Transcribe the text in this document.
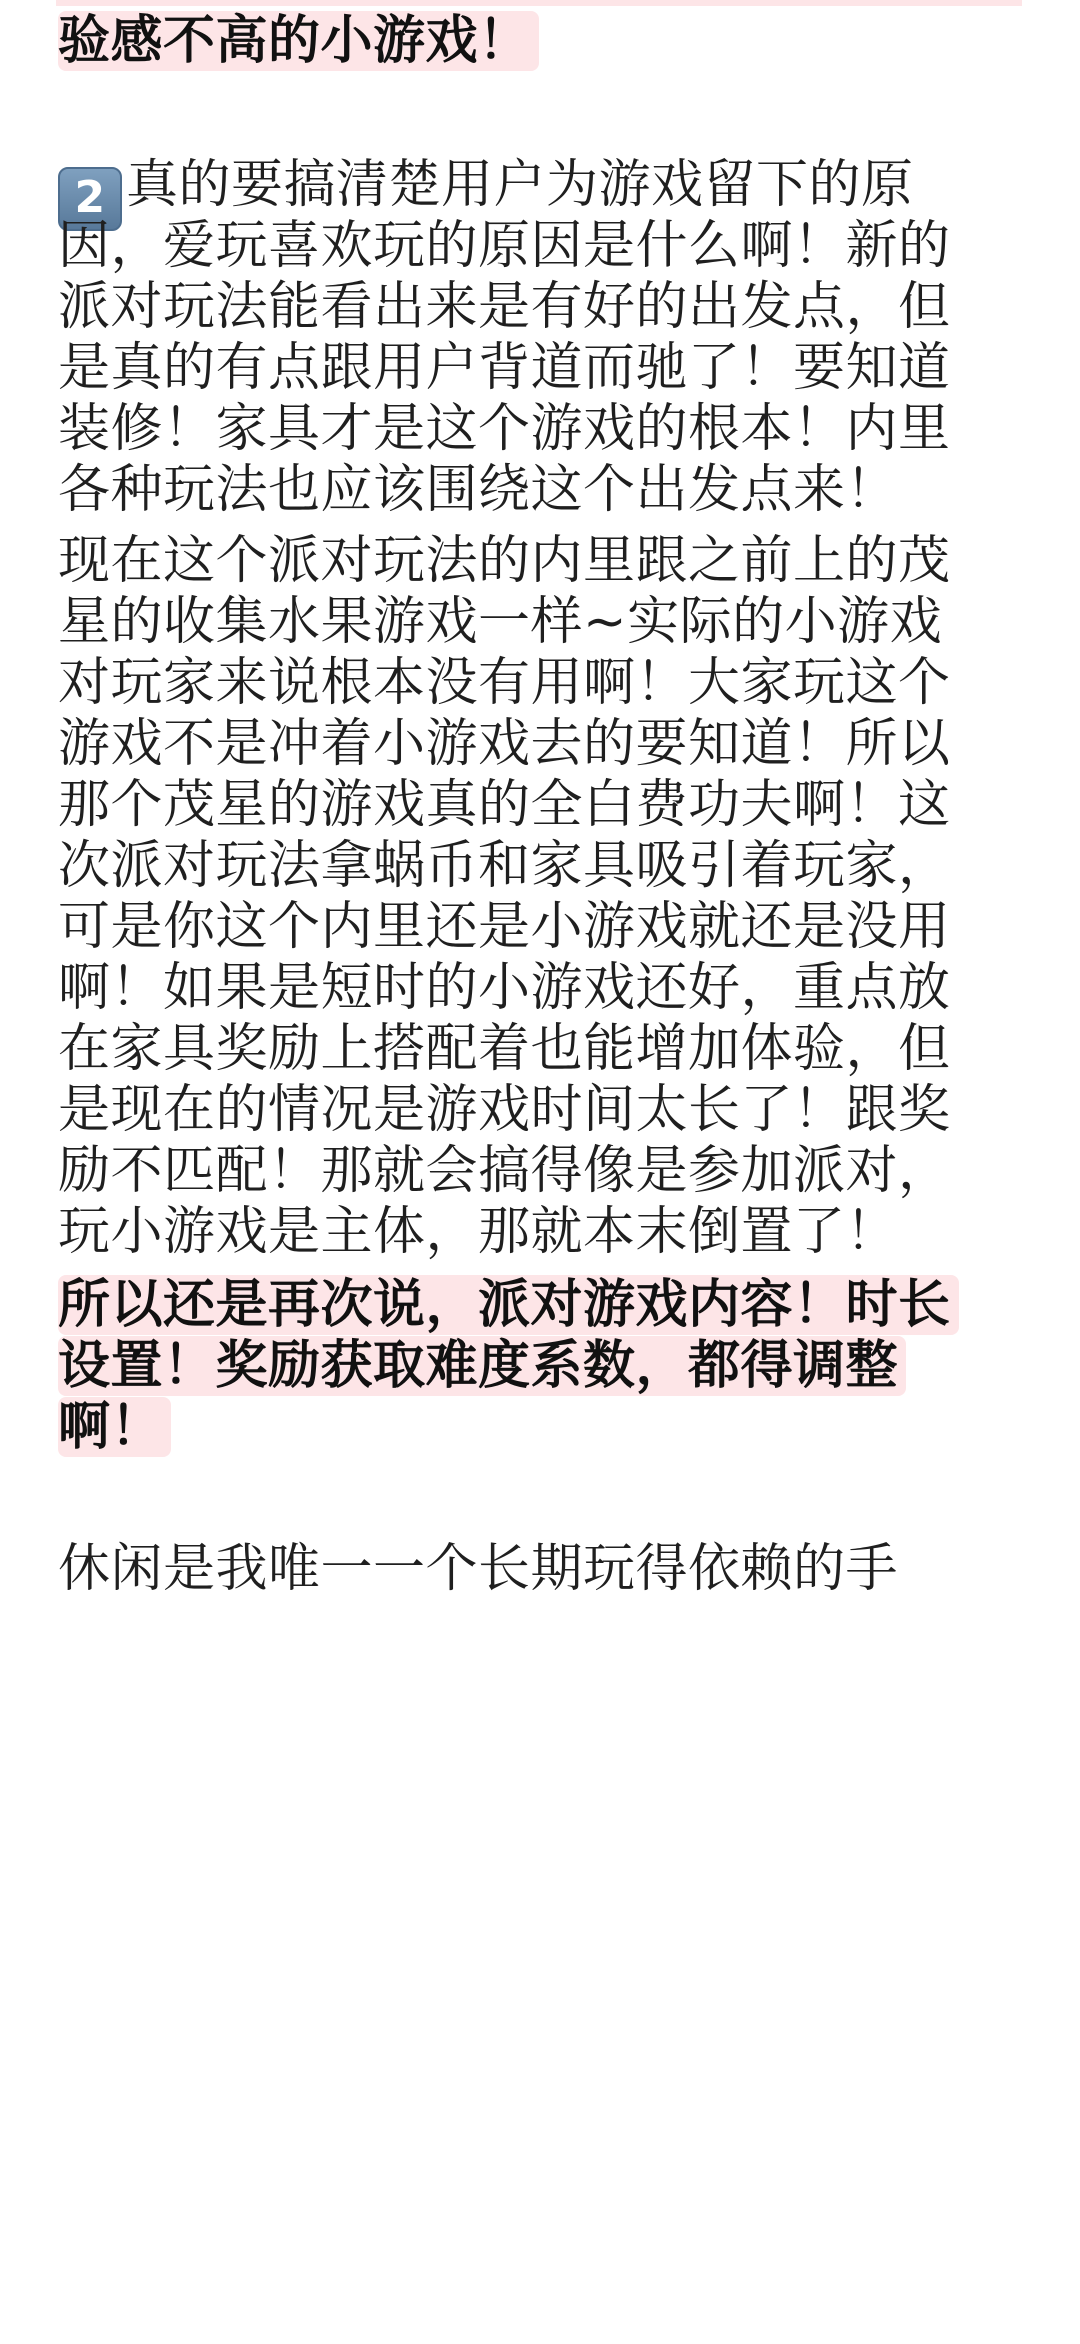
验感不高的小游戏！
2 真的要搞清楚用户为游戏留下的原
因，爱玩喜欢玩的原因是什么啊！新的
派对玩法能看出来是有好的出发点，但
是真的有点跟用户背道而驰了！要知道
装修！家具才是这个游戏的根本！内里
各种玩法也应该围绕这个出发点来！
现在这个派对玩法的内里跟之前上的茂
星的收集水果游戏一样~实际的小游戏
对玩家来说根本没有用啊！大家玩这个
游戏不是冲着小游戏去的要知道！所以
那个茂星的游戏真的全白费功夫啊！这
次派对玩法拿蜗币和家具吸引着玩家，
可是你这个内里还是小游戏就还是没用
啊！如果是短时的小游戏还好，重点放
在家具奖励上搭配着也能增加体验，但
是现在的情况是游戏时间太长了！跟奖
励不匹配！那就会搞得像是参加派对，
玩小游戏是主体，那就本末倒置了！
所以还是再次说，派对游戏内容！时长
设置！奖励获取难度系数，都得调整
啊！
休闲是我唯一一个长期玩得依赖的手
